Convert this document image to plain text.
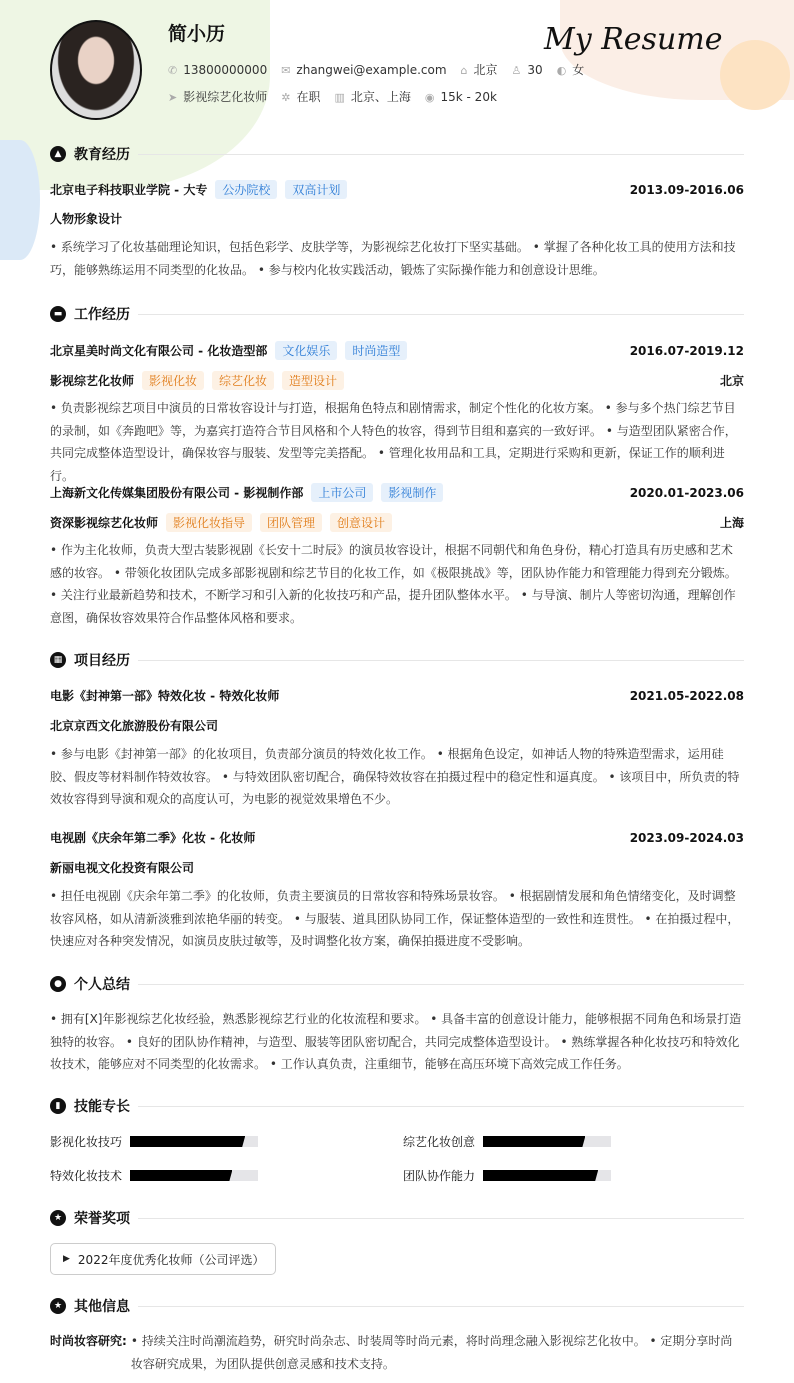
简小历	My Resume
✆ 13800000000 ✉ zhangwei@example.com ⌂ 北京 ♙ 30 ◐ 女
➤ 影视综艺化妆师 ✲ 在职 ▥ 北京、上海 ◉ 15k - 20k
▲ 教育经历
北京电子科技职业学院 - 大专	公办院校	双高计划	2013.09-2016.06
人物形象设计
• 系统学习了化妆基础理论知识，包括色彩学、皮肤学等，为影视综艺化妆打下坚实基础。 • 掌握了各种化妆工具的使用方法和技巧，能够熟练运用不同类型的化妆品。 • 参与校内化妆实践活动，锻炼了实际操作能力和创意设计思维。
▬ 工作经历
北京星美时尚文化有限公司 - 化妆造型部	文化娱乐	时尚造型	2016.07-2019.12
影视综艺化妆师	影视化妆	综艺化妆	造型设计	北京
• 负责影视综艺项目中演员的日常妆容设计与打造，根据角色特点和剧情需求，制定个性化的化妆方案。 • 参与多个热门综艺节目的录制，如《奔跑吧》等，为嘉宾打造符合节目风格和个人特色的妆容，得到节目组和嘉宾的一致好评。 • 与造型团队紧密合作，共同完成整体造型设计，确保妆容与服装、发型等完美搭配。 • 管理化妆用品和工具，定期进行采购和更新，保证工作的顺利进行。
上海新文化传媒集团股份有限公司 - 影视制作部	上市公司	影视制作	2020.01-2023.06
资深影视综艺化妆师	影视化妆指导	团队管理	创意设计	上海
• 作为主化妆师，负责大型古装影视剧《长安十二时辰》的演员妆容设计，根据不同朝代和角色身份，精心打造具有历史感和艺术感的妆容。 • 带领化妆团队完成多部影视剧和综艺节目的化妆工作，如《极限挑战》等，团队协作能力和管理能力得到充分锻炼。 • 关注行业最新趋势和技术，不断学习和引入新的化妆技巧和产品，提升团队整体水平。 • 与导演、制片人等密切沟通，理解创作意图，确保妆容效果符合作品整体风格和要求。
▦ 项目经历
电影《封神第一部》特效化妆 - 特效化妆师	2021.05-2022.08
北京京西文化旅游股份有限公司
• 参与电影《封神第一部》的化妆项目，负责部分演员的特效化妆工作。 • 根据角色设定，如神话人物的特殊造型需求，运用硅胶、假皮等材料制作特效妆容。 • 与特效团队密切配合，确保特效妆容在拍摄过程中的稳定性和逼真度。 • 该项目中，所负责的特效妆容得到导演和观众的高度认可，为电影的视觉效果增色不少。
电视剧《庆余年第二季》化妆 - 化妆师	2023.09-2024.03
新丽电视文化投资有限公司
• 担任电视剧《庆余年第二季》的化妆师，负责主要演员的日常妆容和特殊场景妆容。 • 根据剧情发展和角色情绪变化，及时调整妆容风格，如从清新淡雅到浓艳华丽的转变。 • 与服装、道具团队协同工作，保证整体造型的一致性和连贯性。 • 在拍摄过程中，快速应对各种突发情况，如演员皮肤过敏等，及时调整化妆方案，确保拍摄进度不受影响。
● 个人总结
• 拥有[X]年影视综艺化妆经验，熟悉影视综艺行业的化妆流程和要求。 • 具备丰富的创意设计能力，能够根据不同角色和场景打造独特的妆容。 • 良好的团队协作精神，与造型、服装等团队密切配合，共同完成整体造型设计。 • 熟练掌握各种化妆技巧和特效化妆技术，能够应对不同类型的化妆需求。 • 工作认真负责，注重细节，能够在高压环境下高效完成工作任务。
▮ 技能专长
影视化妆技巧	综艺化妆创意
特效化妆技术	团队协作能力
★ 荣誉奖项
▶ 2022年度优秀化妆师（公司评选）
★ 其他信息
时尚妆容研究: • 持续关注时尚潮流趋势，研究时尚杂志、时装周等时尚元素，将时尚理念融入影视综艺化妆中。 • 定期分享时尚妆容研究成果，为团队提供创意灵感和技术支持。
